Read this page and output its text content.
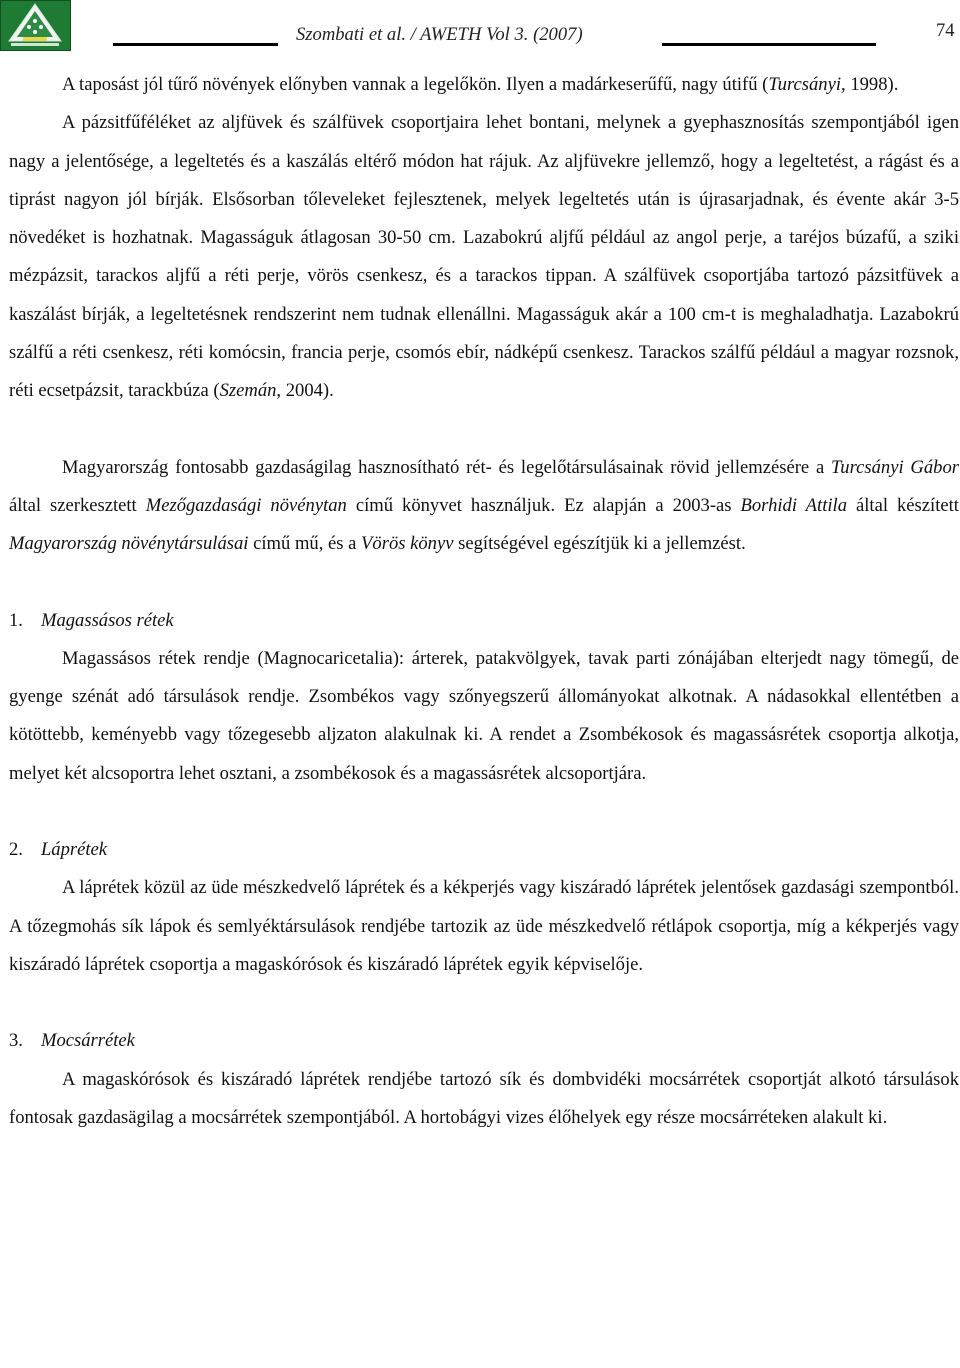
Szombati et al. / AWETH Vol 3. (2007)	74

A taposást jól tűrő növények előnyben vannak a legelőkön. Ilyen a madárkeserűfű, nagy útifű (Turcsányi, 1998).

A pázsitfűféléket az aljfüvek és szálfüvek csoportjaira lehet bontani, melynek a gyephasznosítás szempontjából igen nagy a jelentősége, a legeltetés és a kaszálás eltérő módon hat rájuk. Az aljfüvekre jellemző, hogy a legeltetést, a rágást és a tiprást nagyon jól bírják. Elsősorban tőleveleket fejlesztenek, melyek legeltetés után is újrasarjadnak, és évente akár 3-5 növedéket is hozhatnak. Magasságuk átlagosan 30-50 cm. Lazabokrú aljfű például az angol perje, a taréjos búzafű, a sziki mézpázsit, tarackos aljfű a réti perje, vörös csenkesz, és a tarackos tippan. A szálfüvek csoportjába tartozó pázsitfüvek a kaszálást bírják, a legeltetésnek rendszerint nem tudnak ellenállni. Magasságuk akár a 100 cm-t is meghaladhatja. Lazabokrú szálfű a réti csenkesz, réti komócsin, francia perje, csomós ebír, nádképű csenkesz. Tarackos szálfű például a magyar rozsnok, réti ecsetpázsit, tarackbúza (Szemán, 2004).

Magyarország fontosabb gazdaságilag hasznosítható rét- és legelőtársulásainak rövid jellemzésére a Turcsányi Gábor által szerkesztett Mezőgazdasági növénytan című könyvet használjuk. Ez alapján a 2003-as Borhidi Attila által készített Magyarország növénytársulásai című mű, és a Vörös könyv segítségével egészítjük ki a jellemzést.

1. Magassásos rétek

Magassásos rétek rendje (Magnocaricetalia): árterek, patakvölgyek, tavak parti zónájában elterjedt nagy tömegű, de gyenge szénát adó társulások rendje. Zsombékos vagy szőnyegszerű állományokat alkotnak. A nádasokkal ellentétben a kötöttebb, keményebb vagy tőzegesebb aljzaton alakulnak ki. A rendet a Zsombékosok és magassásrétek csoportja alkotja, melyet két alcsoportra lehet osztani, a zsombékosok és a magassásrétek alcsoportjára.

2. Láprétek

A láprétek közül az üde mészkedvelő láprétek és a kékperjés vagy kiszáradó láprétek jelentősek gazdasági szempontból. A tőzegmohás sík lápok és semlyéktársulások rendjébe tartozik az üde mészkedvelő rétlápok csoportja, míg a kékperjés vagy kiszáradó láprétek csoportja a magaskórósok és kiszáradó láprétek egyik képviselője.

3. Mocsárrétek

A magaskórósok és kiszáradó láprétek rendjébe tartozó sík és dombvidéki mocsárrétek csoportját alkotó társulások fontosak gazdasägilag a mocsárrétek szempontjából. A hortobágyi vizes élőhelyek egy része mocsárréteken alakult ki.
